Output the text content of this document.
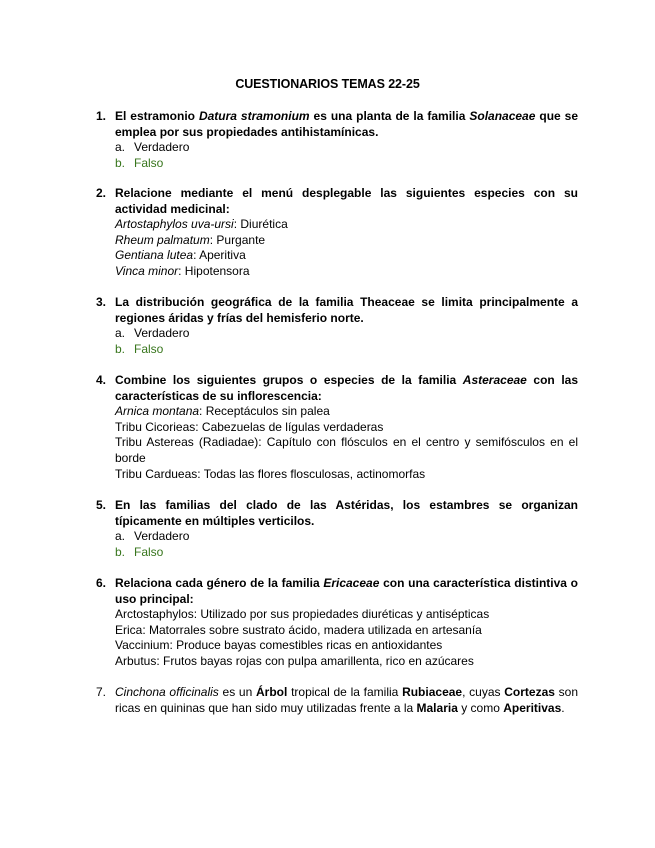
CUESTIONARIOS TEMAS 22-25
1. El estramonio Datura stramonium es una planta de la familia Solanaceae que se emplea por sus propiedades antihistamínicas.
a. Verdadero
b. Falso
2. Relacione mediante el menú desplegable las siguientes especies con su actividad medicinal:
Artostaphylos uva-ursi: Diurética
Rheum palmatum: Purgante
Gentiana lutea: Aperitiva
Vinca minor: Hipotensora
3. La distribución geográfica de la familia Theaceae se limita principalmente a regiones áridas y frías del hemisferio norte.
a. Verdadero
b. Falso
4. Combine los siguientes grupos o especies de la familia Asteraceae con las características de su inflorescencia:
Arnica montana: Receptáculos sin palea
Tribu Cicorieas: Cabezuelas de lígulas verdaderas
Tribu Astereas (Radiadae): Capítulo con flósculos en el centro y semifósculos en el borde
Tribu Cardueas: Todas las flores flosculosas, actinomorfas
5. En las familias del clado de las Astéridas, los estambres se organizan típicamente en múltiples verticilos.
a. Verdadero
b. Falso
6. Relaciona cada género de la familia Ericaceae con una característica distintiva o uso principal:
Arctostaphylos: Utilizado por sus propiedades diuréticas y antisépticas
Erica: Matorrales sobre sustrato ácido, madera utilizada en artesanía
Vaccinium: Produce bayas comestibles ricas en antioxidantes
Arbutus: Frutos bayas rojas con pulpa amarillenta, rico en azúcares
7. Cinchona officinalis es un Árbol tropical de la familia Rubiaceae, cuyas Cortezas son ricas en quininas que han sido muy utilizadas frente a la Malaria y como Aperitivas.
